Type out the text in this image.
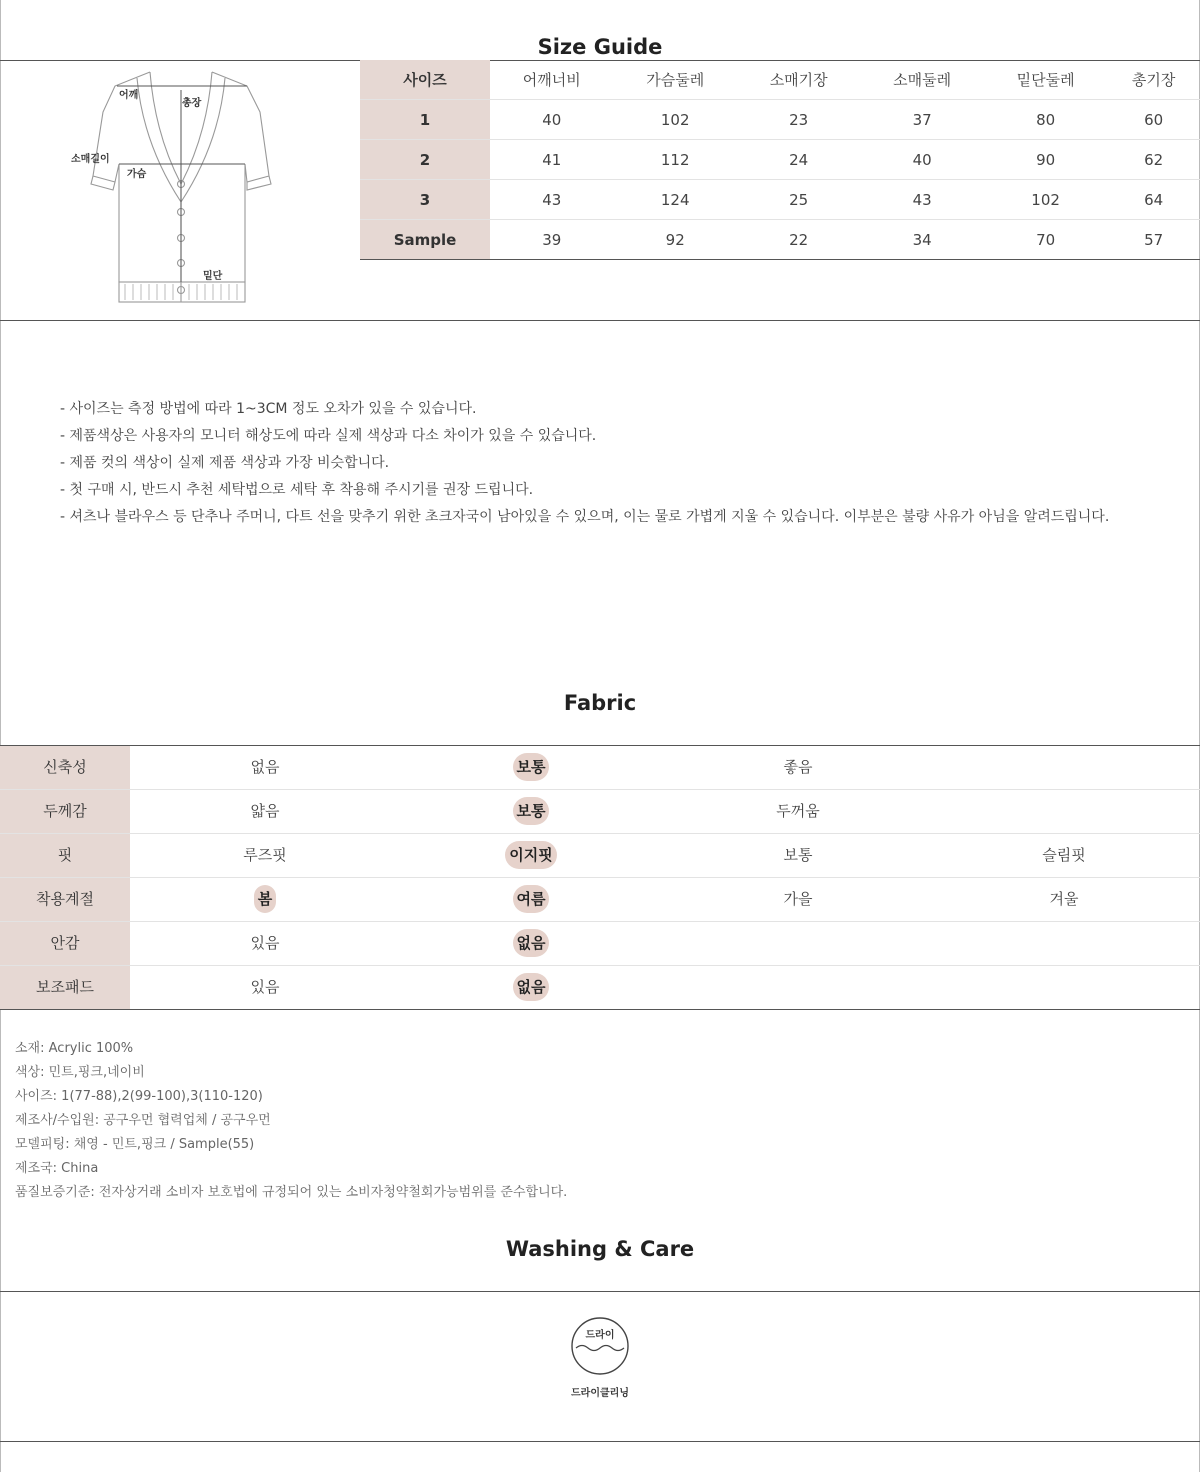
Size Guide
어깨
총장
소매길이
가슴
밑단
사이즈	어깨너비	가슴둘레	소매기장	소매둘레	밑단둘레	총기장
1	40	102	23	37	80	60
2	41	112	24	40	90	62
3	43	124	25	43	102	64
Sample	39	92	22	34	70	57
- 사이즈는 측정 방법에 따라 1~3CM 정도 오차가 있을 수 있습니다.
- 제품색상은 사용자의 모니터 해상도에 따라 실제 색상과 다소 차이가 있을 수 있습니다.
- 제품 컷의 색상이 실제 제품 색상과 가장 비슷합니다.
- 첫 구매 시, 반드시 추천 세탁법으로 세탁 후 착용해 주시기를 권장 드립니다.
- 셔츠나 블라우스 등 단추나 주머니, 다트 선을 맞추기 위한 초크자국이 남아있을 수 있으며, 이는 물로 가볍게 지울 수 있습니다. 이부분은 불량 사유가 아님을 알려드립니다.
Fabric
신축성	없음	보통	좋음
두께감	얇음	보통	두꺼움
핏	루즈핏	이지핏	보통	슬림핏
착용계절	봄	여름	가을	겨울
안감	있음	없음
보조패드	있음	없음
소재: Acrylic 100%
색상: 민트,핑크,네이비
사이즈: 1(77-88),2(99-100),3(110-120)
제조사/수입원: 공구우먼 협력업체 / 공구우먼
모델피팅: 채영 - 민트,핑크 / Sample(55)
제조국: China
품질보증기준: 전자상거래 소비자 보호법에 규정되어 있는 소비자청약철회가능범위를 준수합니다.
Washing & Care
드라이
드라이클리닝
